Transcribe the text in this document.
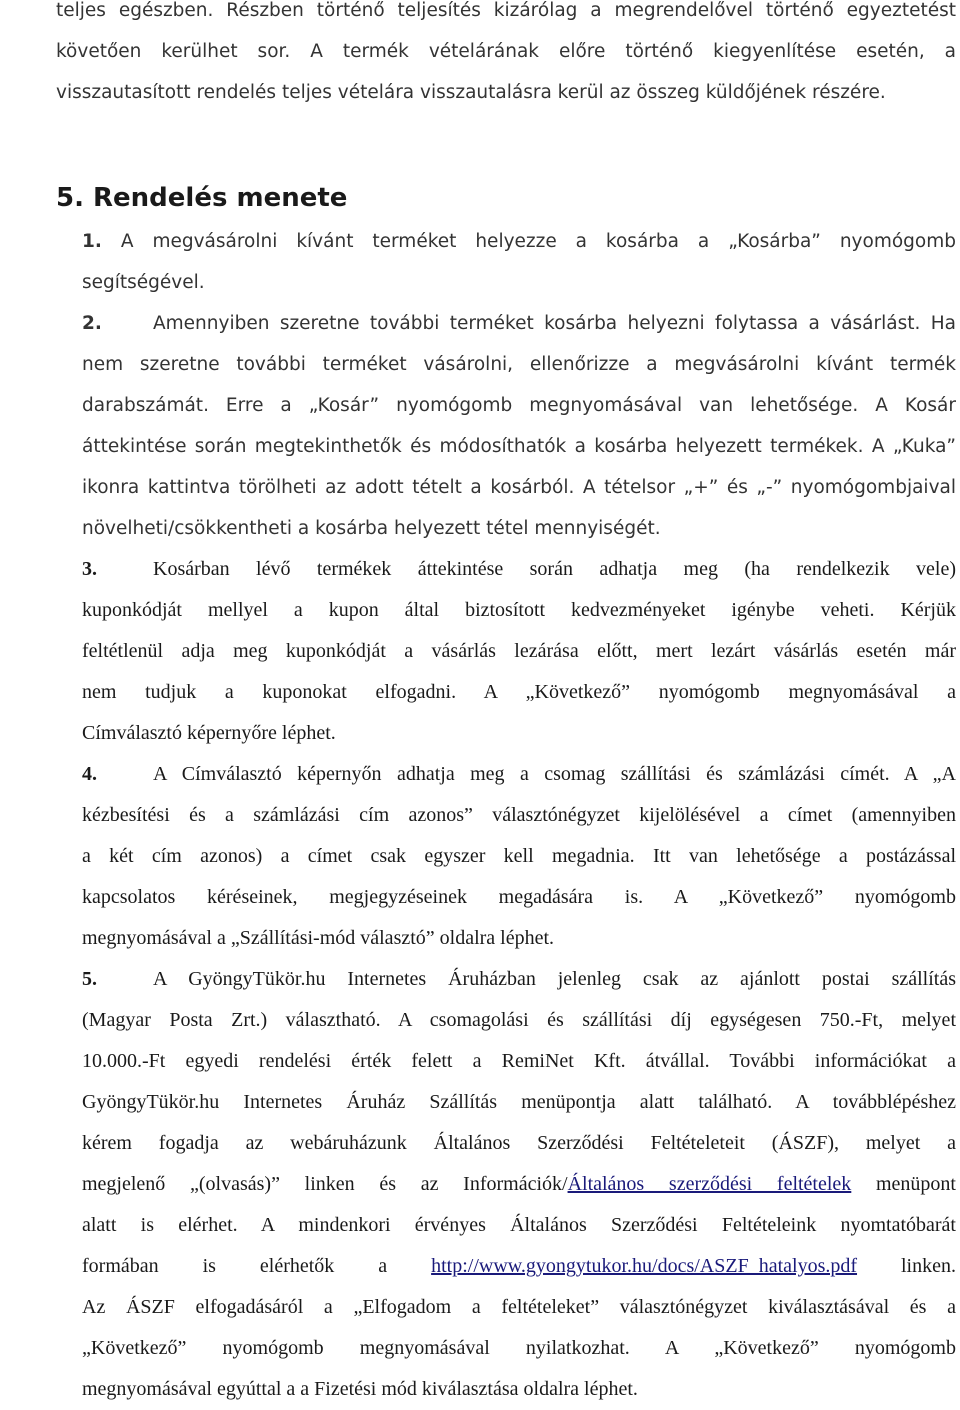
teljes egészben. Részben történő teljesítés kizárólag a megrendelővel történő egyeztetést
követően kerülhet sor. A termék vételárának előre történő kiegyenlítése esetén, a
visszautasított rendelés teljes vételára visszautalásra kerül az összeg küldőjének részére.
5. Rendelés menete
1. A megvásárolni kívánt terméket helyezze a kosárba a „Kosárba” nyomógomb
segítségével.
2.	Amennyiben szeretne további terméket kosárba helyezni folytassa a vásárlást. Ha
nem szeretne további terméket vásárolni, ellenőrizze a megvásárolni kívánt termék
darabszámát. Erre a „Kosár” nyomógomb megnyomásával van lehetősége. A Kosár
áttekintése során megtekinthetők és módosíthatók a kosárba helyezett termékek. A „Kuka”
ikonra kattintva törölheti az adott tételt a kosárból. A tételsor „+” és „-” nyomógombjaival
növelheti/csökkentheti a kosárba helyezett tétel mennyiségét.
3.	Kosárban lévő termékek áttekintése során adhatja meg (ha rendelkezik vele)
kuponkódját mellyel a kupon által biztosított kedvezményeket igénybe veheti. Kérjük
feltétlenül adja meg kuponkódját a vásárlás lezárása előtt, mert lezárt vásárlás esetén már
nem tudjuk a kuponokat elfogadni. A „Következő” nyomógomb megnyomásával a
Címválasztó képernyőre léphet.
4.	A Címválasztó képernyőn adhatja meg a csomag szállítási és számlázási címét. A „A
kézbesítési és a számlázási cím azonos” választónégyzet kijelölésével a címet (amennyiben
a két cím azonos) a címet csak egyszer kell megadnia. Itt van lehetősége a postázással
kapcsolatos kéréseinek, megjegyzéseinek megadására is. A „Következő” nyomógomb
megnyomásával a „Szállítási-mód választó” oldalra léphet.
5.	A GyöngyTükör.hu Internetes Áruházban jelenleg csak az ajánlott postai szállítás
(Magyar Posta Zrt.) választható. A csomagolási és szállítási díj egységesen 750.-Ft, melyet
10.000.-Ft egyedi rendelési érték felett a RemiNet Kft. átvállal. További információkat a
GyöngyTükör.hu Internetes Áruház Szállítás menüpontja alatt található. A továbblépéshez
kérem fogadja az webáruházunk Általános Szerződési Feltételeteit (ÁSZF), melyet a
megjelenő „(olvasás)” linken és az Információk/Általános szerződési feltételek menüpont
alatt is elérhet. A mindenkori érvényes Általános Szerződési Feltételeink nyomtatóbarát
formában is elérhetők a http://www.gyongytukor.hu/docs/ASZF_hatalyos.pdf linken.
Az ÁSZF elfogadásáról a „Elfogadom a feltételeket” választónégyzet kiválasztásával és a
„Következő” nyomógomb megnyomásával nyilatkozhat. A „Következő” nyomógomb
megnyomásával egyúttal a a Fizetési mód kiválasztása oldalra léphet.
